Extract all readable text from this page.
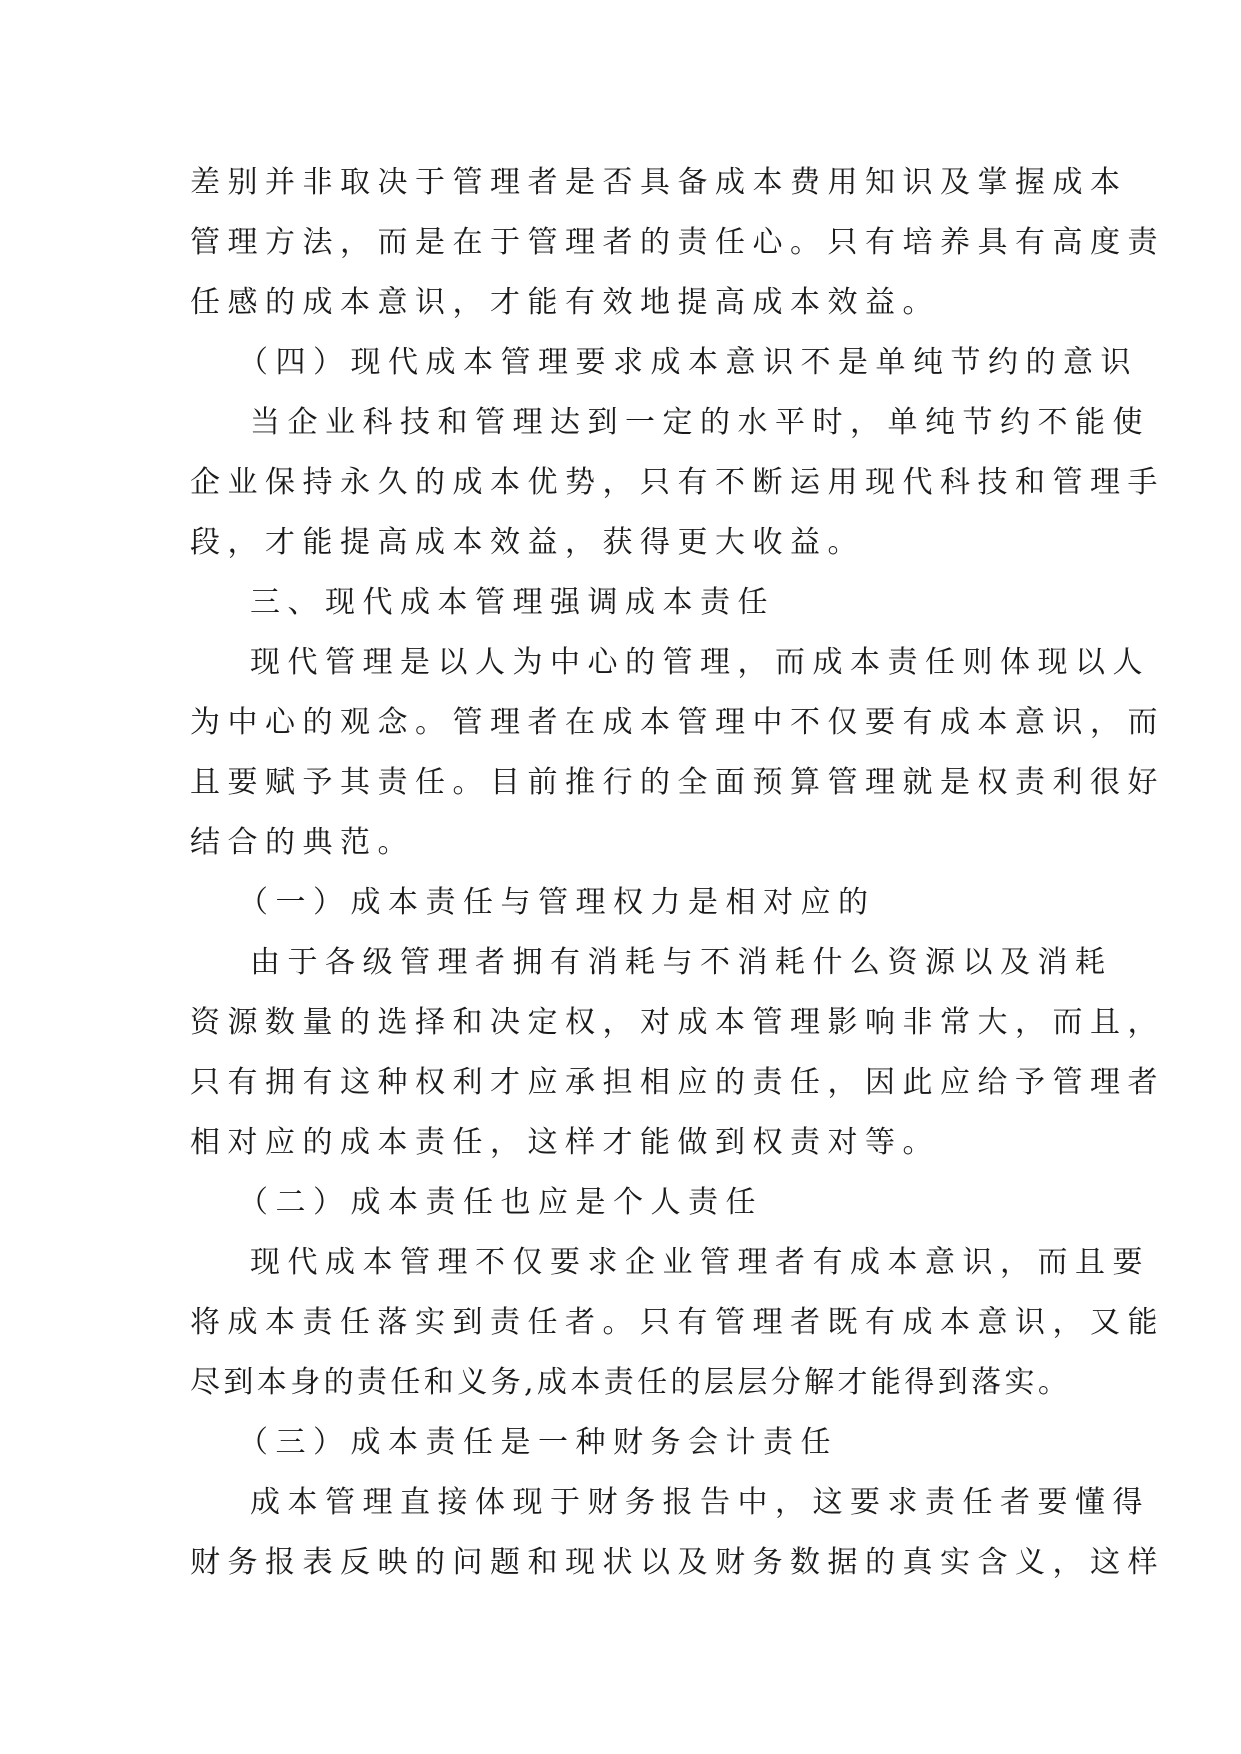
差别并非取决于管理者是否具备成本费用知识及掌握成本
管理方法，而是在于管理者的责任心。只有培养具有高度责
任感的成本意识，才能有效地提高成本效益。
（四）现代成本管理要求成本意识不是单纯节约的意识
当企业科技和管理达到一定的水平时，单纯节约不能使
企业保持永久的成本优势，只有不断运用现代科技和管理手
段，才能提高成本效益，获得更大收益。
三、现代成本管理强调成本责任
现代管理是以人为中心的管理，而成本责任则体现以人
为中心的观念。管理者在成本管理中不仅要有成本意识，而
且要赋予其责任。目前推行的全面预算管理就是权责利很好
结合的典范。
（一）成本责任与管理权力是相对应的
由于各级管理者拥有消耗与不消耗什么资源以及消耗
资源数量的选择和决定权，对成本管理影响非常大，而且，
只有拥有这种权利才应承担相应的责任，因此应给予管理者
相对应的成本责任，这样才能做到权责对等。
（二）成本责任也应是个人责任
现代成本管理不仅要求企业管理者有成本意识，而且要
将成本责任落实到责任者。只有管理者既有成本意识，又能
尽到本身的责任和义务,成本责任的层层分解才能得到落实。
（三）成本责任是一种财务会计责任
成本管理直接体现于财务报告中，这要求责任者要懂得
财务报表反映的问题和现状以及财务数据的真实含义，这样
